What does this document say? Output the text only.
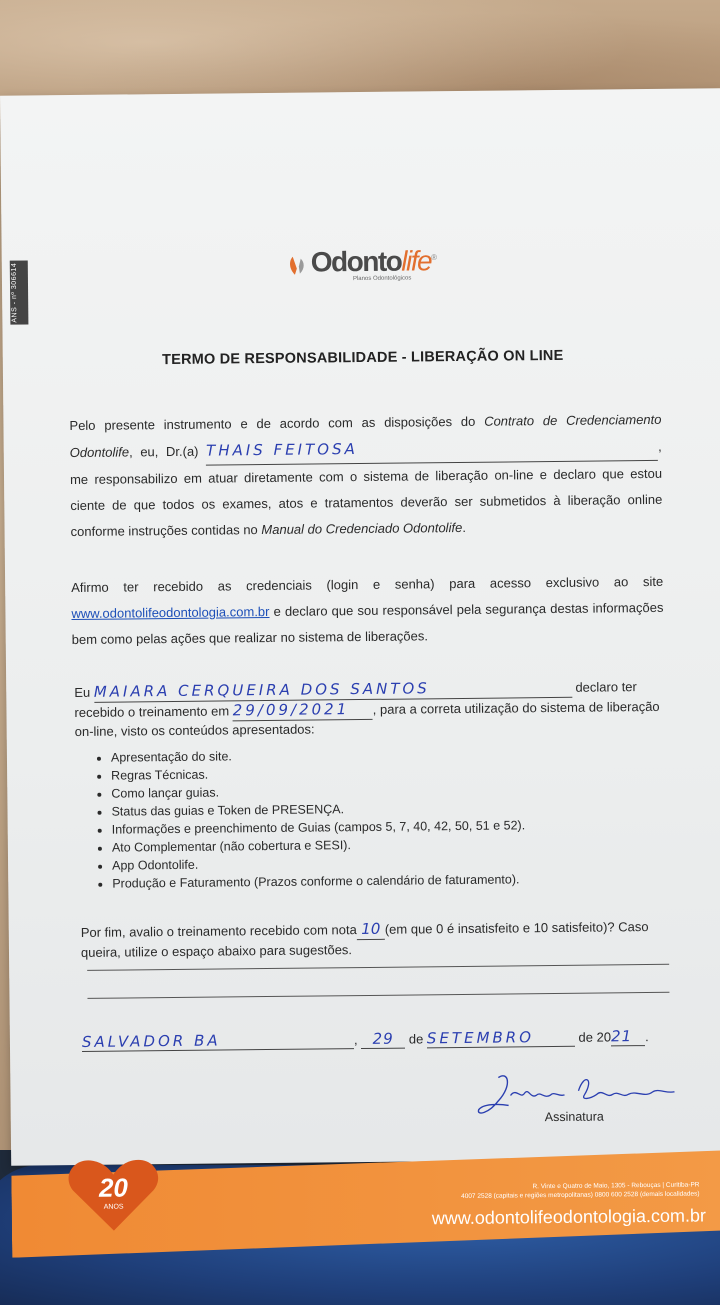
ANS - nº 306614
Odontolife®
Planos Odontológicos
TERMO DE RESPONSABILIDADE - LIBERAÇÃO ON LINE
Pelo presente instrumento e de acordo com as disposições do Contrato de Credenciamento Odontolife, eu, Dr.(a) THAIS FEITOSA	, me responsabilizo em atuar diretamente com o sistema de liberação on-line e declaro que estou ciente de que todos os exames, atos e tratamentos deverão ser submetidos à liberação online conforme instruções contidas no Manual do Credenciado Odontolife.
Afirmo ter recebido as credenciais (login e senha) para acesso exclusivo ao site www.odontolifeodontologia.com.br e declaro que sou responsável pela segurança destas informações bem como pelas ações que realizar no sistema de liberações.
Eu MAIARA CERQUEIRA DOS SANTOS	declaro ter
recebido o treinamento em 29/09/2021 , para a correta utilização do sistema de liberação on-line, visto os conteúdos apresentados:
• Apresentação do site.
• Regras Técnicas.
• Como lançar guias.
• Status das guias e Token de PRESENÇA.
• Informações e preenchimento de Guias (campos 5, 7, 40, 42, 50, 51 e 52).
• Ato Complementar (não cobertura e SESI).
• App Odontolife.
• Produção e Faturamento (Prazos conforme o calendário de faturamento).
Por fim, avalio o treinamento recebido com nota 10 (em que 0 é insatisfeito e 10 satisfeito)? Caso queira, utilize o espaço abaixo para sugestões.
SALVADOR BA	, 29 de SETEMBRO	de 2021 .
Assinatura
20
ANOS
R. Vinte e Quatro de Maio, 1305 - Rebouças | Curitiba-PR
4007 2528 (capitais e regiões metropolitanas) 0800 600 2528 (demais localidades)
www.odontolifeodontologia.com.br
